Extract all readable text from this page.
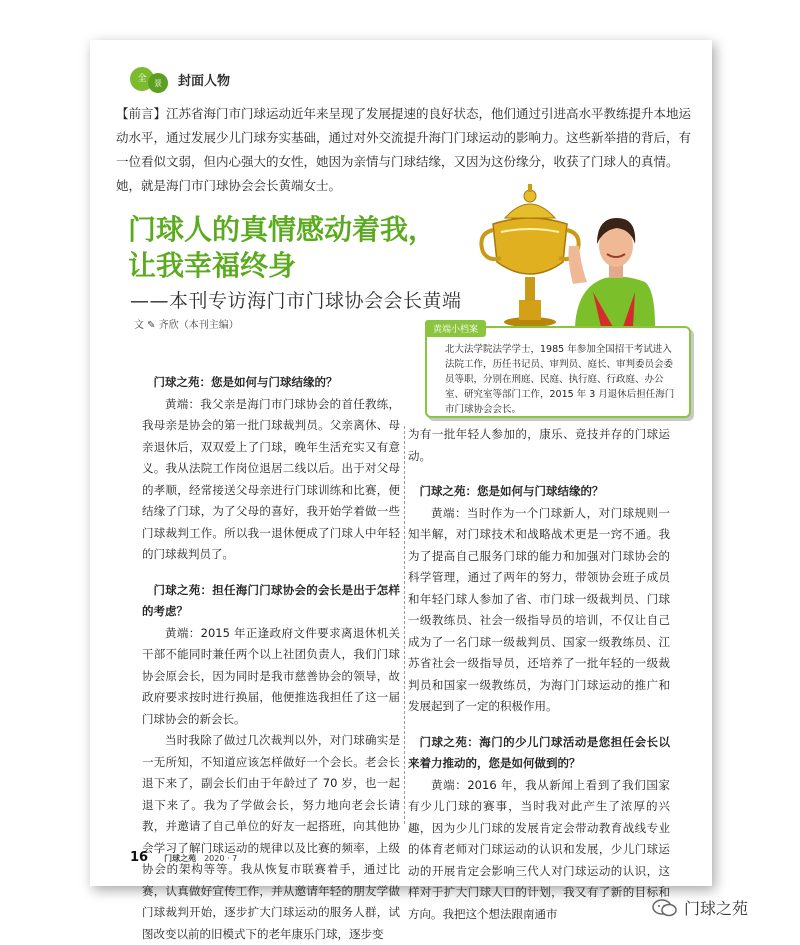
全 景	封面人物
【前言】江苏省海门市门球运动近年来呈现了发展提速的良好状态，他们通过引进高水平教练提升本地运动水平，通过发展少儿门球夯实基础，通过对外交流提升海门门球运动的影响力。这些新举措的背后，有一位看似文弱，但内心强大的女性，她因为亲情与门球结缘，又因为这份缘分，收获了门球人的真情。她，就是海门市门球协会会长黄端女士。
门球人的真情感动着我，
让我幸福终身
——本刊专访海门市门球协会会长黄端
文 ✎ 齐欣（本刊主编）	黄端小档案
北大法学院法学学士，1985 年参加全国招干考试进入法院工作，历任书记员、审判员、庭长、审判委员会委员等职，分别在刑庭、民庭、执行庭、行政庭、办公室、研究室等部门工作，2015 年 3 月退休后担任海门市门球协会会长。

门球之苑：您是如何与门球结缘的？

黄端：我父亲是海门市门球协会的首任教练，我母亲是协会的第一批门球裁判员。父亲离休、母亲退休后，双双爱上了门球，晚年生活充实又有意义。我从法院工作岗位退居二线以后。出于对父母的孝顺，经常接送父母亲进行门球训练和比赛，便结缘了门球，为了父母的喜好，我开始学着做一些门球裁判工作。所以我一退休便成了门球人中年轻的门球裁判员了。

门球之苑：担任海门门球协会的会长是出于怎样的考虑？

黄端：2015 年正逢政府文件要求离退休机关干部不能同时兼任两个以上社团负责人，我们门球协会原会长，因为同时是我市慈善协会的领导，故政府要求按时进行换届，他便推选我担任了这一届门球协会的新会长。

当时我除了做过几次裁判以外，对门球确实是一无所知，不知道应该怎样做好一个会长。老会长退下来了，副会长们由于年龄过了 70 岁，也一起退下来了。我为了学做会长，努力地向老会长请教，并邀请了自己单位的好友一起搭班，向其他协会学习了解门球运动的规律以及比赛的频率，上级协会的架构等等。我从恢复市联赛着手，通过比赛，认真做好宣传工作，并从邀请年轻的朋友学做门球裁判开始，逐步扩大门球运动的服务人群，试图改变以前的旧模式下的老年康乐门球，逐步变

为有一批年轻人参加的，康乐、竞技并存的门球运动。

门球之苑：您是如何与门球结缘的？

黄端：当时作为一个门球新人，对门球规则一知半解，对门球技术和战略战术更是一窍不通。我为了提高自己服务门球的能力和加强对门球协会的科学管理，通过了两年的努力，带领协会班子成员和年轻门球人参加了省、市门球一级裁判员、门球一级教练员、社会一级指导员的培训，不仅让自己成为了一名门球一级裁判员、国家一级教练员、江苏省社会一级指导员，还培养了一批年轻的一级裁判员和国家一级教练员，为海门门球运动的推广和发展起到了一定的积极作用。

门球之苑：海门的少儿门球活动是您担任会长以来着力推动的，您是如何做到的？

黄端：2016 年，我从新闻上看到了我们国家有少儿门球的赛事，当时我对此产生了浓厚的兴趣，因为少儿门球的发展肯定会带动教育战线专业的体育老师对门球运动的认识和发展，少儿门球运动的开展肯定会影响三代人对门球运动的认识，这样对于扩大门球人口的计划，我又有了新的目标和方向。我把这个想法跟南通市

16 门球之苑 2020 · 7
门球之苑
